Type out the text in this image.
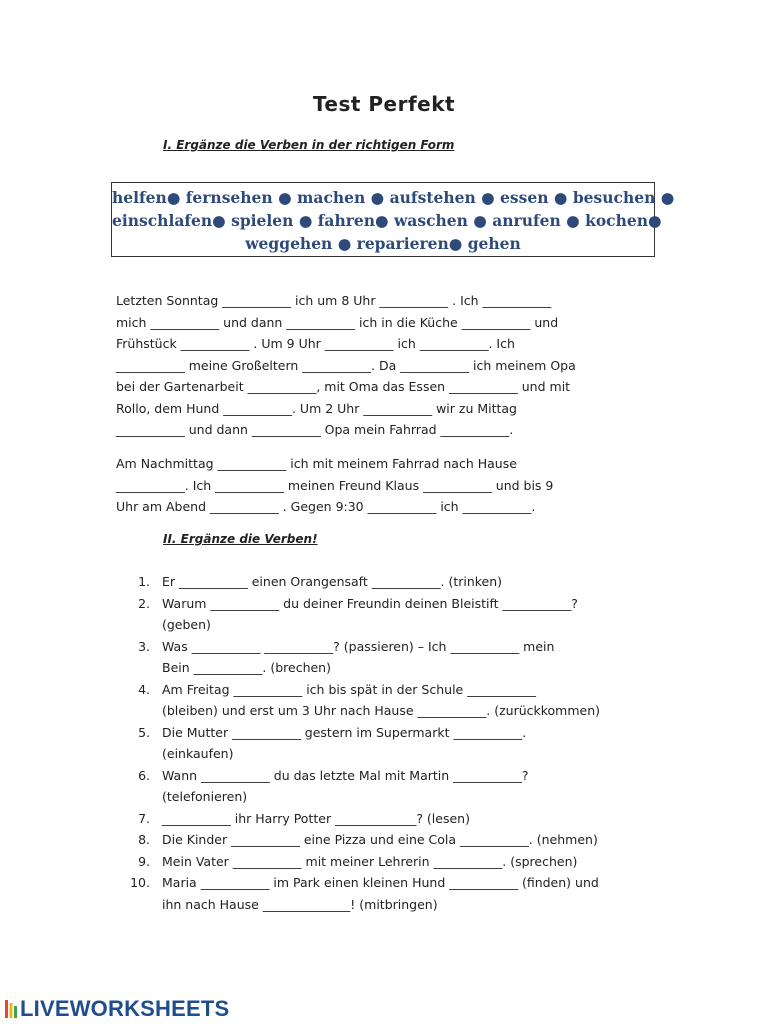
Test Perfekt
I. Ergänze die Verben in der richtigen Form
helfen● fernsehen ● machen ● aufstehen ● essen ● besuchen ●
einschlafen● spielen ● fahren● waschen ● anrufen ● kochen●
weggehen ● reparieren● gehen
Letzten Sonntag ___________ ich um 8 Uhr ___________ . Ich ___________
mich ___________ und dann ___________ ich in die Küche ___________ und
Frühstück ___________ . Um 9 Uhr ___________ ich ___________. Ich
___________ meine Großeltern ___________. Da ___________ ich meinem Opa
bei der Gartenarbeit ___________, mit Oma das Essen ___________ und mit
Rollo, dem Hund ___________. Um 2 Uhr ___________ wir zu Mittag
___________ und dann ___________ Opa mein Fahrrad ___________.
Am Nachmittag ___________ ich mit meinem Fahrrad nach Hause
___________. Ich ___________ meinen Freund Klaus ___________ und bis 9
Uhr am Abend ___________ . Gegen 9:30 ___________ ich ___________.
II. Ergänze die Verben!
1. Er ___________ einen Orangensaft ___________. (trinken)
2. Warum ___________ du deiner Freundin deinen Bleistift ___________?
(geben)
3. Was ___________ ___________? (passieren) – Ich ___________ mein
Bein ___________. (brechen)
4. Am Freitag ___________ ich bis spät in der Schule ___________
(bleiben) und erst um 3 Uhr nach Hause ___________. (zurückkommen)
5. Die Mutter ___________ gestern im Supermarkt ___________.
(einkaufen)
6. Wann ___________ du das letzte Mal mit Martin ___________?
(telefonieren)
7. ___________ ihr Harry Potter _____________? (lesen)
8. Die Kinder ___________ eine Pizza und eine Cola ___________. (nehmen)
9. Mein Vater ___________ mit meiner Lehrerin ___________. (sprechen)
10. Maria ___________ im Park einen kleinen Hund ___________ (finden) und
ihn nach Hause ______________! (mitbringen)
LIVEWORKSHEETS
